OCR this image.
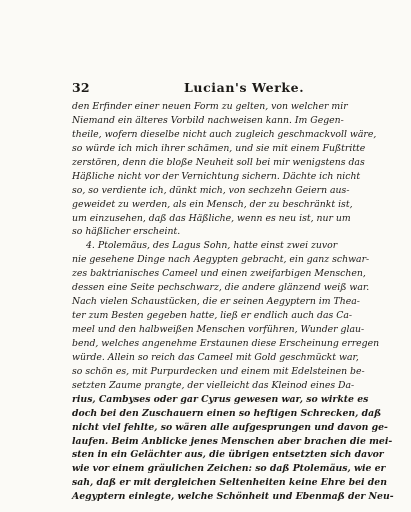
32	Lucian's Werke.
den Erfinder einer neuen Form zu gelten, von welcher mir
Niemand ein älteres Vorbild nachweisen kann. Im Gegen-
theile, wofern dieselbe nicht auch zugleich geschmackvoll wäre,
so würde ich mich ihrer schämen, und sie mit einem Fußtritte
zerstören, denn die bloße Neuheit soll bei mir wenigstens das
Häßliche nicht vor der Vernichtung sichern. Dächte ich nicht
so, so verdiente ich, dünkt mich, von sechzehn Geiern aus-
geweidet zu werden, als ein Mensch, der zu beschränkt ist,
um einzusehen, daß das Häßliche, wenn es neu ist, nur um
so häßlicher erscheint.
4. Ptolemäus, des Lagus Sohn, hatte einst zwei zuvor
nie gesehene Dinge nach Aegypten gebracht, ein ganz schwar-
zes baktrianisches Cameel und einen zweifarbigen Menschen,
dessen eine Seite pechschwarz, die andere glänzend weiß war.
Nach vielen Schaustücken, die er seinen Aegyptern im Thea-
ter zum Besten gegeben hatte, ließ er endlich auch das Ca-
meel und den halbweißen Menschen vorführen, Wunder glau-
bend, welches angenehme Erstaunen diese Erscheinung erregen
würde. Allein so reich das Cameel mit Gold geschmückt war,
so schön es, mit Purpurdecken und einem mit Edelsteinen be-
setzten Zaume prangte, der vielleicht das Kleinod eines Da-
rius, Cambyses oder gar Cyrus gewesen war, so wirkte es
doch bei den Zuschauern einen so heftigen Schrecken, daß
nicht viel fehlte, so wären alle aufgesprungen und davon ge-
laufen. Beim Anblicke jenes Menschen aber brachen die mei-
sten in ein Gelächter aus, die übrigen entsetzten sich davor
wie vor einem gräulichen Zeichen: so daß Ptolemäus, wie er
sah, daß er mit dergleichen Seltenheiten keine Ehre bei den
Aegyptern einlegte, welche Schönheit und Ebenmaß der Neu-
